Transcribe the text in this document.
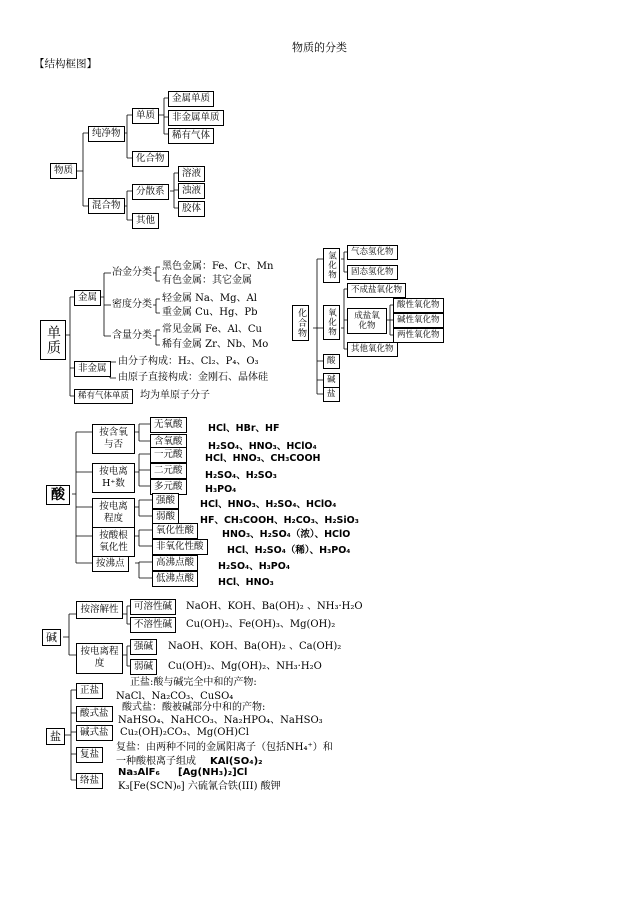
物质的分类
【结构框图】
物质
纯净物
单质
金属单质
非金属单质
稀有气体
化合物
混合物
分散系
溶液
浊液
胶体
其他
单质
金属
冶金分类
黑色金属：Fe、Cr、Mn
有色金属：其它金属
密度分类
轻金属 Na、Mg、Al
重金属 Cu、Hg、Pb
含量分类
常见金属 Fe、Al、Cu
稀有金属 Zr、Nb、Mo
非金属
由分子构成：H₂、Cl₂、P₄、O₃
由原子直接构成：金刚石、晶体硅
稀有气体单质	均为单原子分子
化合物
氢化物	气态氢化物
固态氢化物
氧化物
不成盐氧化物
成盐氧化物
酸性氧化物
碱性氧化物
两性氧化物
其他氧化物
酸
碱
盐
酸
按含氧与否
无氧酸	HCl、HBr、HF
含氧酸	H₂SO₄、HNO₃、HClO₄
按电离H⁺数
一元酸	HCl、HNO₃、CH₃COOH
二元酸	H₂SO₄、H₂SO₃
多元酸	H₃PO₄
按电离程度
强酸	HCl、HNO₃、H₂SO₄、HClO₄
弱酸	HF、CH₃COOH、H₂CO₃、H₂SiO₃
按酸根氧化性
氧化性酸	HNO₃、H₂SO₄（浓）、HClO
非氧化性酸	HCl、H₂SO₄（稀）、H₃PO₄
按沸点	高沸点酸	H₂SO₄、H₃PO₄
低沸点酸	HCl、HNO₃
碱
按溶解性	可溶性碱	NaOH、KOH、Ba(OH)₂ 、NH₃·H₂O
不溶性碱	Cu(OH)₂、Fe(OH)₃、Mg(OH)₂
按电离程度
强碱	NaOH、KOH、Ba(OH)₂ 、Ca(OH)₂
弱碱	Cu(OH)₂、Mg(OH)₂、NH₃·H₂O
盐
正盐
正盐:酸与碱完全中和的产物:
NaCl、Na₂CO₃、CuSO₄
酸式盐
酸式盐：酸被碱部分中和的产物:
NaHSO₄、NaHCO₃、Na₂HPO₄、NaHSO₃
碱式盐	Cu₂(OH)₂CO₃、Mg(OH)Cl
复盐
复盐：由两种不同的金属阳离子（包括NH₄⁺）和
一种酸根离子组成 KAl(SO₄)₂
络盐
Na₃AlF₆ [Ag(NH₃)₂]Cl
K₃[Fe(SCN)₆] 六硫氰合铁(III) 酸钾
